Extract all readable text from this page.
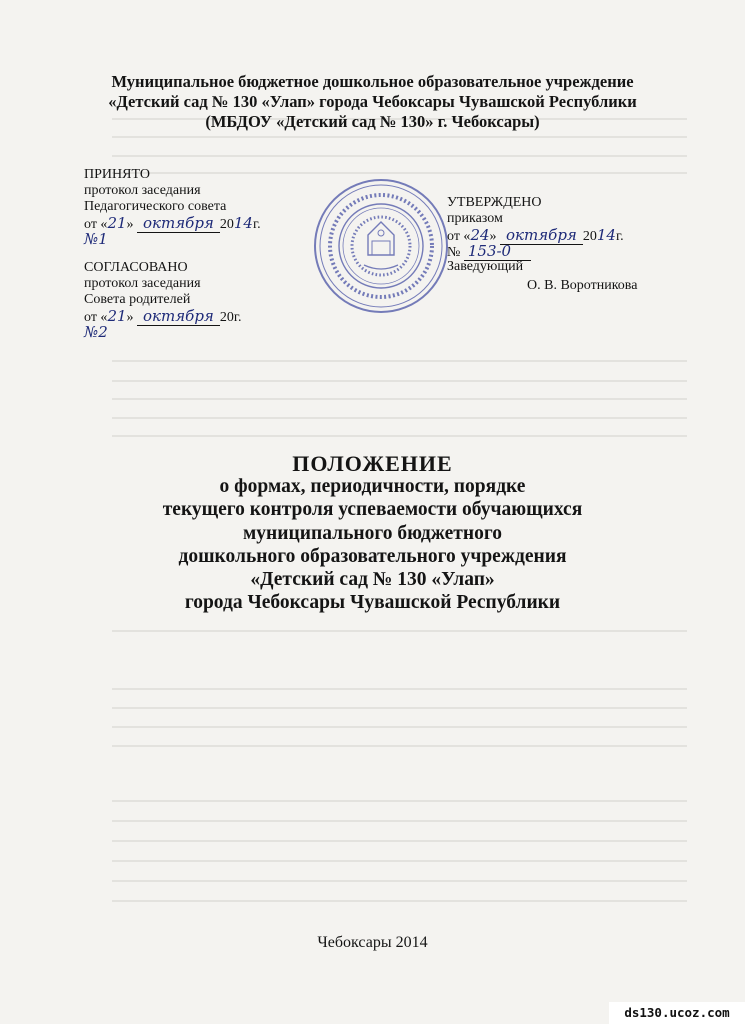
Муниципальное бюджетное дошкольное образовательное учреждение
«Детский сад № 130 «Улап» города Чебоксары Чувашской Республики
(МБДОУ «Детский сад № 130» г. Чебоксары)
ПРИНЯТО
протокол заседания
Педагогического совета
от «21» октября 2014г.
№1
СОГЛАСОВАНО
протокол заседания
Совета родителей
от «21» октября 20г.
№2
УТВЕРЖДЕНО
приказом
от «24» октября 2014г.
№ 153-0
Заведующий
О. В. Воротникова
ПОЛОЖЕНИЕ
о формах, периодичности, порядке
текущего контроля успеваемости обучающихся
муниципального бюджетного
дошкольного образовательного учреждения
«Детский сад № 130 «Улап»
города Чебоксары Чувашской Республики
Чебоксары 2014
ds130.ucoz.com
